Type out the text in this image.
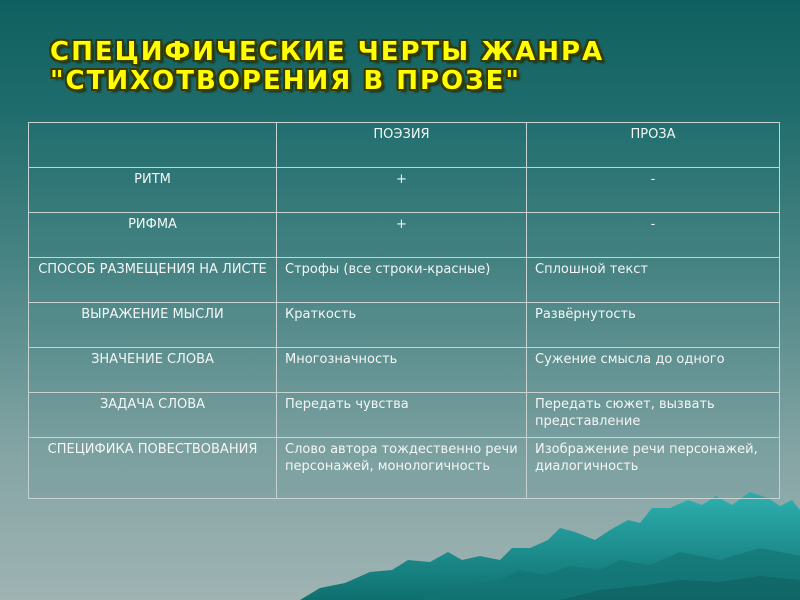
СПЕЦИФИЧЕСКИЕ ЧЕРТЫ ЖАНРА
"СТИХОТВОРЕНИЯ В ПРОЗЕ"
	ПОЭЗИЯ	ПРОЗА
РИТМ	+	-
РИФМА	+	-
СПОСОБ РАЗМЕЩЕНИЯ НА ЛИСТЕ	Строфы (все строки-красные)	Сплошной текст
ВЫРАЖЕНИЕ МЫСЛИ	Краткость	Развёрнутость
ЗНАЧЕНИЕ СЛОВА	Многозначность	Сужение смысла до одного
ЗАДАЧА СЛОВА	Передать чувства	Передать сюжет, вызвать представление
СПЕЦИФИКА ПОВЕСТВОВАНИЯ	Слово автора тождественно речи персонажей, монологичность	Изображение речи персонажей, диалогичность
